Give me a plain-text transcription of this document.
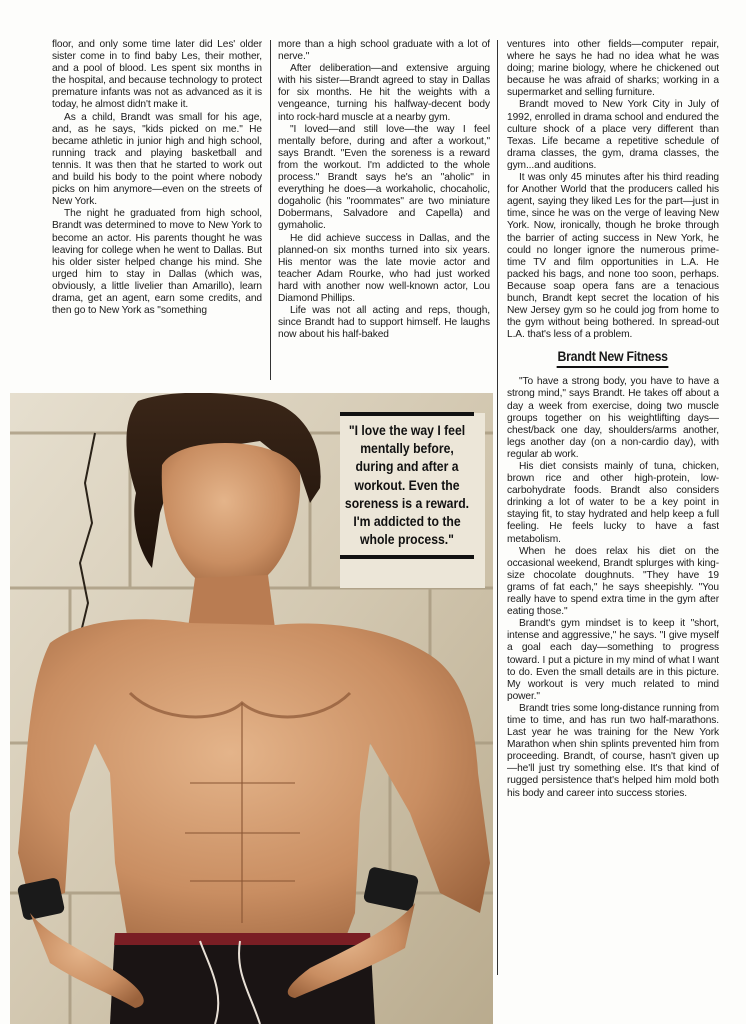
floor, and only some time later did Les' older sister come in to find baby Les, their mother, and a pool of blood. Les spent six months in the hospital, and because technology to protect premature infants was not as advanced as it is today, he almost didn't make it.

As a child, Brandt was small for his age, and, as he says, "kids picked on me." He became athletic in junior high and high school, running track and playing basketball and tennis. It was then that he started to work out and build his body to the point where nobody picks on him anymore—even on the streets of New York.

The night he graduated from high school, Brandt was determined to move to New York to become an actor. His parents thought he was leaving for college when he went to Dallas. But his older sister helped change his mind. She urged him to stay in Dallas (which was, obviously, a little livelier than Amarillo), learn drama, get an agent, earn some credits, and then go to New York as "something

more than a high school graduate with a lot of nerve."

After deliberation—and extensive arguing with his sister—Brandt agreed to stay in Dallas for six months. He hit the weights with a vengeance, turning his halfway-decent body into rock-hard muscle at a nearby gym.

"I loved—and still love—the way I feel mentally before, during and after a workout," says Brandt. "Even the soreness is a reward from the workout. I'm addicted to the whole process." Brandt says he's an "aholic" in everything he does—a workaholic, chocaholic, dogaholic (his "roommates" are two miniature Dobermans, Salvadore and Capella) and gymaholic.

He did achieve success in Dallas, and the planned-on six months turned into six years. His mentor was the late movie actor and teacher Adam Rourke, who had just worked hard with another now well-known actor, Lou Diamond Phillips.

Life was not all acting and reps, though, since Brandt had to support himself. He laughs now about his half-baked

ventures into other fields—computer repair, where he says he had no idea what he was doing; marine biology, where he chickened out because he was afraid of sharks; working in a supermarket and selling furniture.

Brandt moved to New York City in July of 1992, enrolled in drama school and endured the culture shock of a place very different than Texas. Life became a repetitive schedule of drama classes, the gym, drama classes, the gym...and auditions.

It was only 45 minutes after his third reading for Another World that the producers called his agent, saying they liked Les for the part—just in time, since he was on the verge of leaving New York. Now, ironically, though he broke through the barrier of acting success in New York, he could no longer ignore the numerous prime-time TV and film opportunities in L.A. He packed his bags, and none too soon, perhaps. Because soap opera fans are a tenacious bunch, Brandt kept secret the location of his New Jersey gym so he could jog from home to the gym without being bothered. In spread-out L.A. that's less of a problem.

Brandt New Fitness

"To have a strong body, you have to have a strong mind," says Brandt. He takes off about a day a week from exercise, doing two muscle groups together on his weightlifting days—chest/back one day, shoulders/arms another, legs another day (on a non-cardio day), with regular ab work.

His diet consists mainly of tuna, chicken, brown rice and other high-protein, low-carbohydrate foods. Brandt also considers drinking a lot of water to be a key point in staying fit, to stay hydrated and help keep a full feeling. He feels lucky to have a fast metabolism.

When he does relax his diet on the occasional weekend, Brandt splurges with king-size chocolate doughnuts. "They have 19 grams of fat each," he says sheepishly. "You really have to spend extra time in the gym after eating those."

Brandt's gym mindset is to keep it "short, intense and aggressive," he says. "I give myself a goal each day—something to progress toward. I put a picture in my mind of what I want to do. Even the small details are in this picture. My workout is very much related to mind power."

Brandt tries some long-distance running from time to time, and has run two half-marathons. Last year he was training for the New York Marathon when shin splints prevented him from proceeding. Brandt, of course, hasn't given up—he'll just try something else. It's that kind of rugged persistence that's helped him mold both his body and career into success stories.

"I love the way I feel mentally before, during and after a workout. Even the soreness is a reward. I'm addicted to the whole process."
